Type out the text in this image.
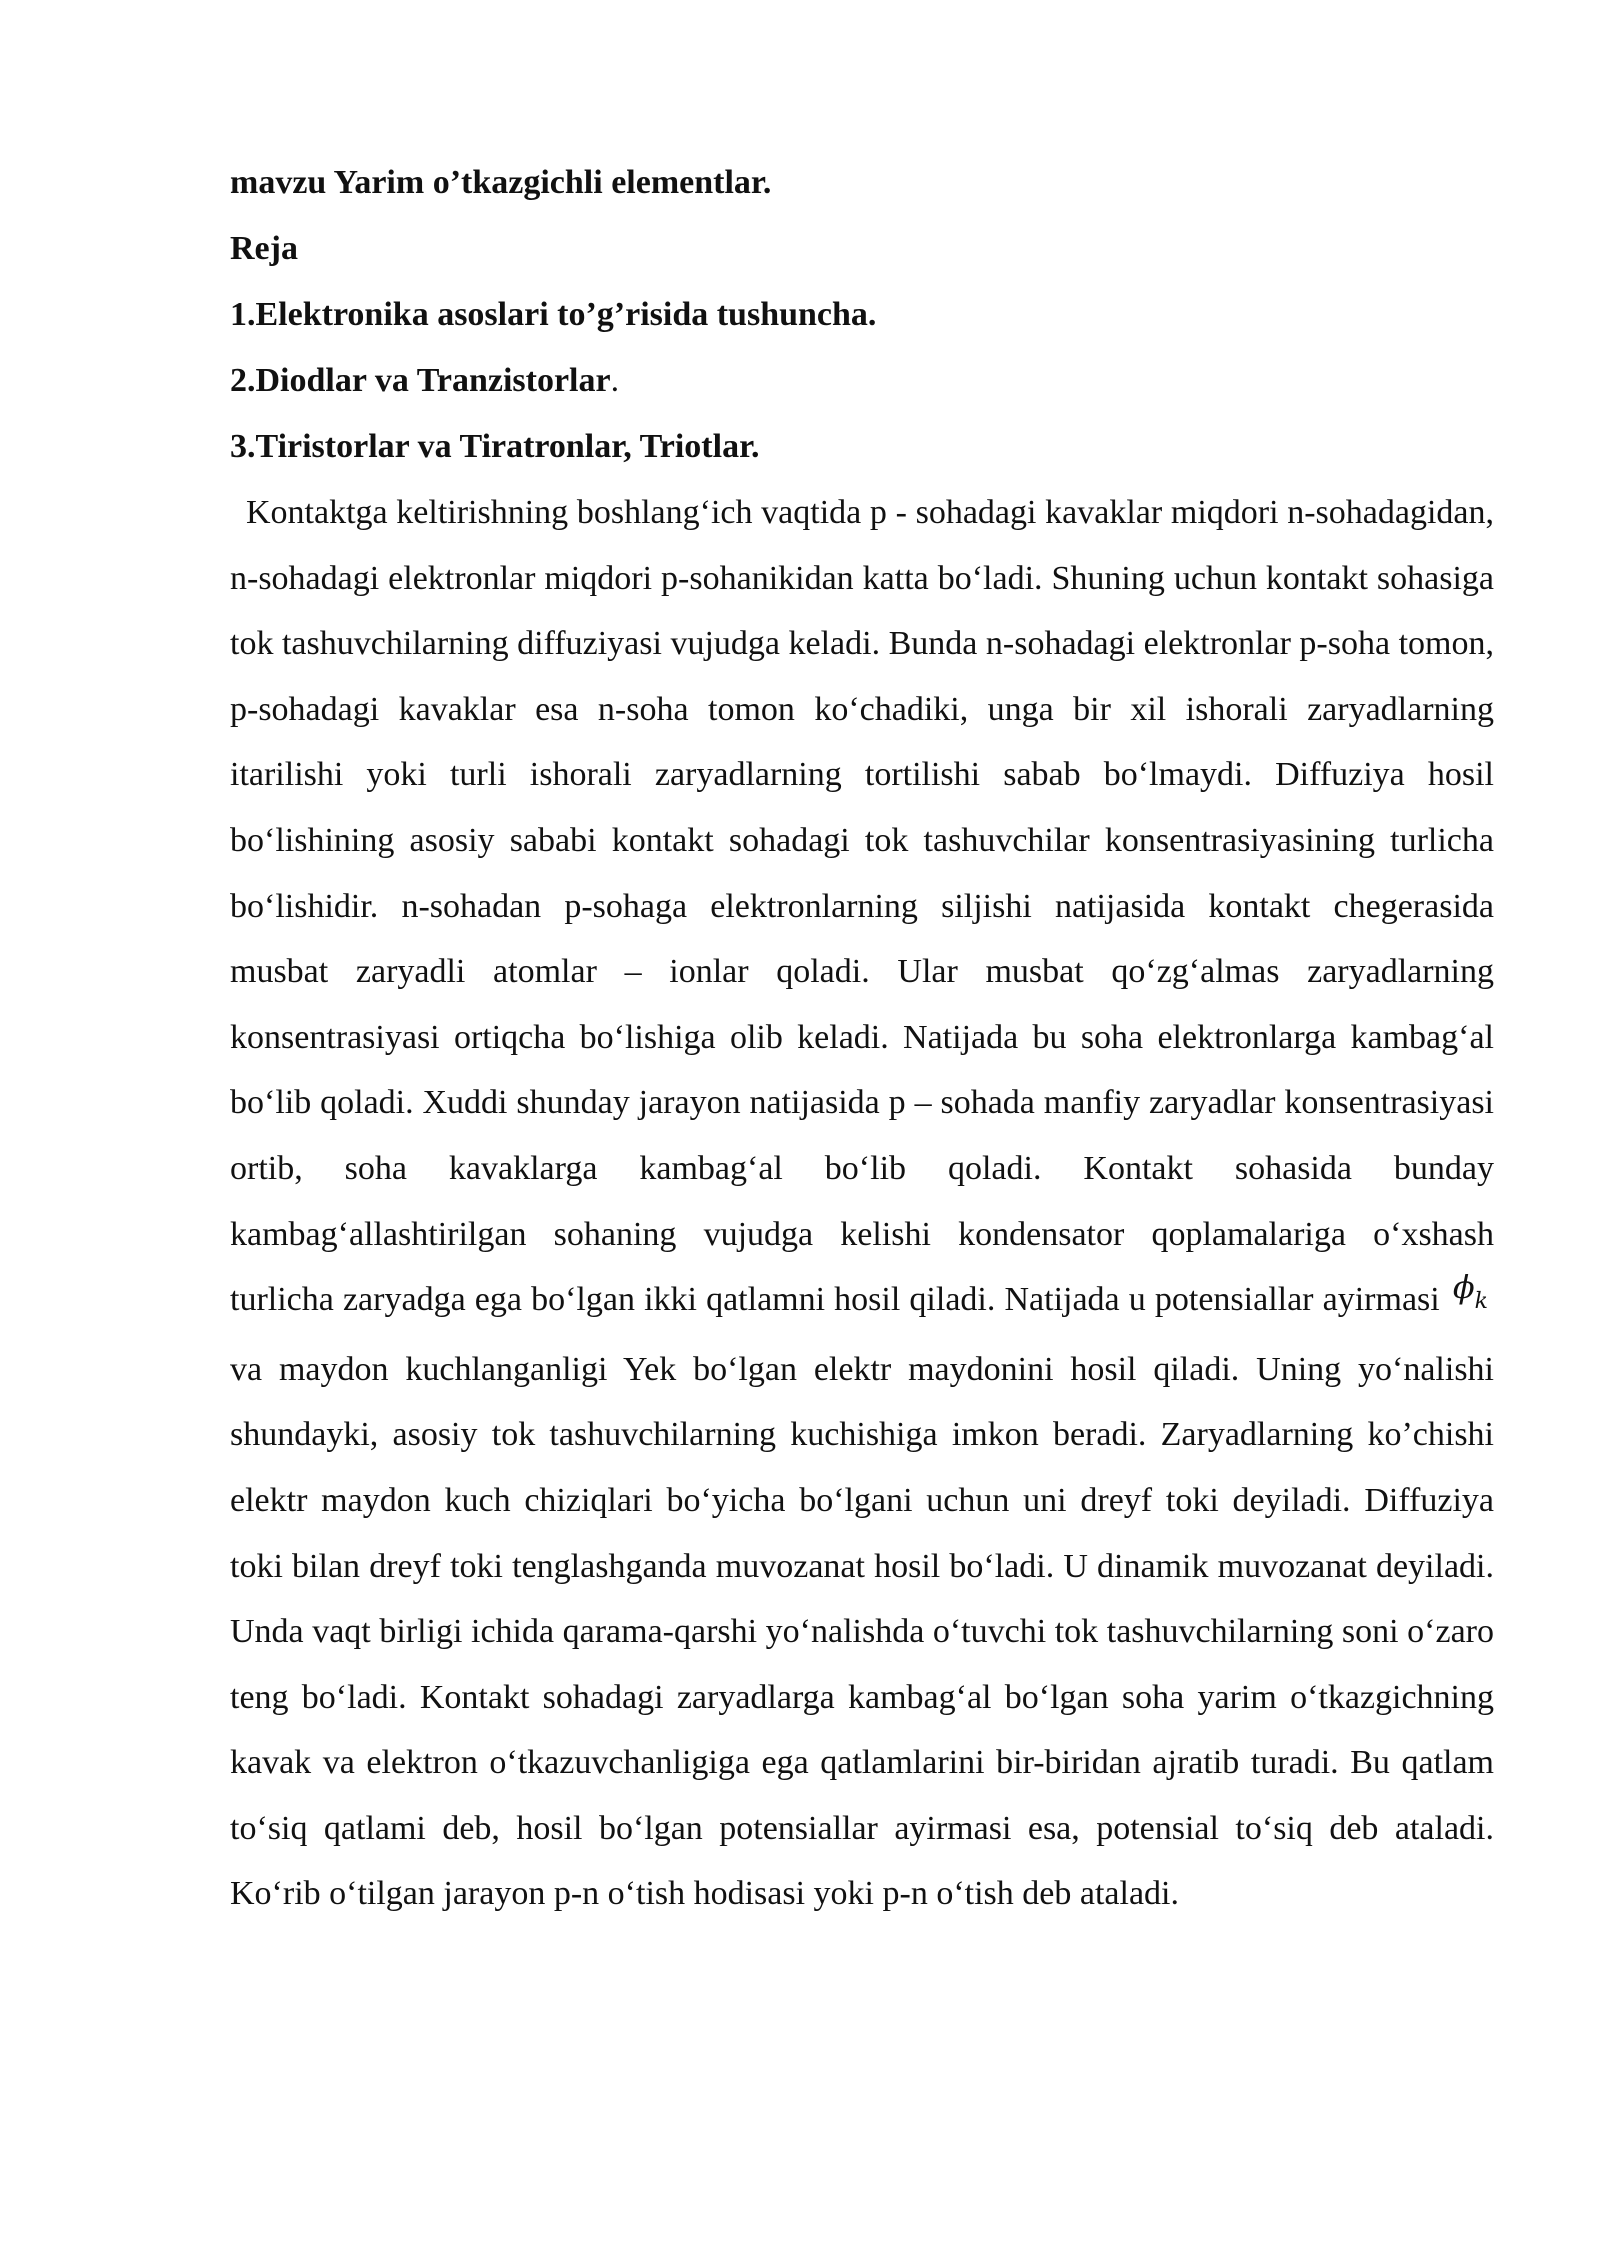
mavzu Yarim o’tkazgichli elementlar.

Reja

1.Elektronika asoslari to’g’risida tushuncha.

2.Diodlar va Tranzistorlar.

3.Tiristorlar va Tiratronlar, Triotlar.

Kontaktga keltirishning boshlang‘ich vaqtida p - sohadagi kavaklar miqdori n-sohadagidan, n-sohadagi elektronlar miqdori p-sohanikidan katta bo‘ladi. Shuning uchun kontakt sohasiga tok tashuvchilarning diffuziyasi vujudga keladi. Bunda n-sohadagi elektronlar p-soha tomon, p-sohadagi kavaklar esa n-soha tomon ko‘chadiki, unga bir xil ishorali zaryadlarning itarilishi yoki turli ishorali zaryadlarning tortilishi sabab bo‘lmaydi. Diffuziya hosil bo‘lishining asosiy sababi kontakt sohadagi tok tashuvchilar konsentrasiyasining turlicha bo‘lishidir. n-sohadan p-sohaga elektronlarning siljishi natijasida kontakt chegerasida musbat zaryadli atomlar – ionlar qoladi. Ular musbat qo‘zg‘almas zaryadlarning konsentrasiyasi ortiqcha bo‘lishiga olib keladi. Natijada bu soha elektronlarga kambag‘al bo‘lib qoladi. Xuddi shunday jarayon natijasida p – sohada manfiy zaryadlar konsentrasiyasi ortib, soha kavaklarga kambag‘al bo‘lib qoladi. Kontakt sohasida bunday kambag‘allashtirilgan sohaning vujudga kelishi kondensator qoplamalariga o‘xshash turlicha zaryadga ega bo‘lgan ikki qatlamni hosil qiladi. Natijada u potensiallar ayirmasi $\phi_k$ va maydon kuchlanganligi Yek bo‘lgan elektr maydonini hosil qiladi. Uning yo‘nalishi shundayki, asosiy tok tashuvchilarning kuchishiga imkon beradi. Zaryadlarning ko’chishi elektr maydon kuch chiziqlari bo‘yicha bo‘lgani uchun uni dreyf toki deyiladi. Diffuziya toki bilan dreyf toki tenglashganda muvozanat hosil bo‘ladi. U dinamik muvozanat deyiladi. Unda vaqt birligi ichida qarama-qarshi yo‘nalishda o‘tuvchi tok tashuvchilarning soni o‘zaro teng bo‘ladi. Kontakt sohadagi zaryadlarga kambag‘al bo‘lgan soha yarim o‘tkazgichning kavak va elektron o‘tkazuvchanligiga ega qatlamlarini bir-biridan ajratib turadi. Bu qatlam to‘siq qatlami deb, hosil bo‘lgan potensiallar ayirmasi esa, potensial to‘siq deb ataladi. Ko‘rib o‘tilgan jarayon p-n o‘tish hodisasi yoki p-n o‘tish deb ataladi.
